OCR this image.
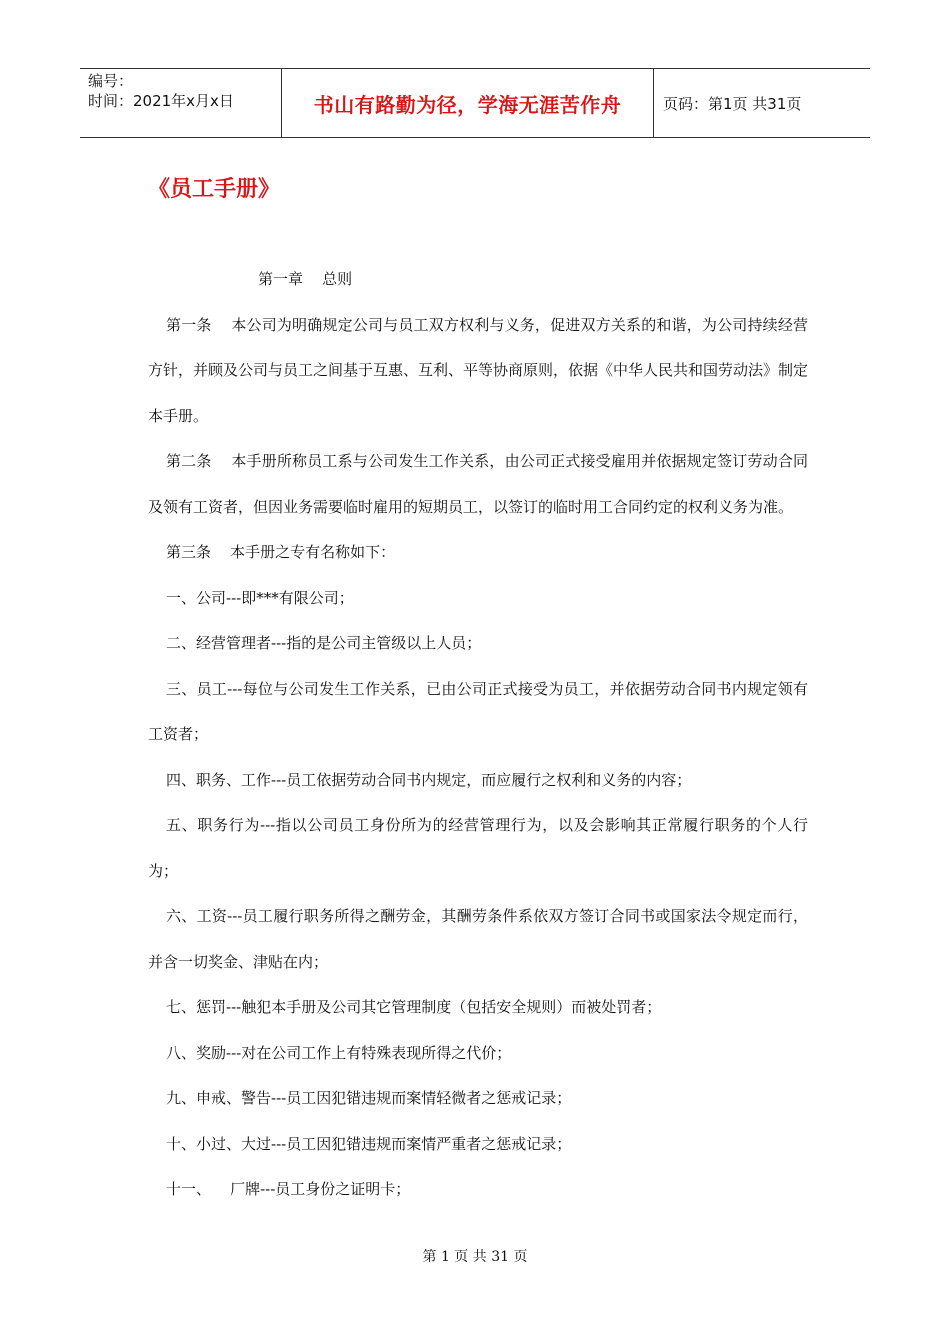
编号：
时间：2021年x月x日	书山有路勤为径，学海无涯苦作舟	页码：第1页 共31页
《员工手册》

第一章    总则

第一条    本公司为明确规定公司与员工双方权利与义务，促进双方关系的和谐，为公司持续经营方针，并顾及公司与员工之间基于互惠、互利、平等协商原则，依据《中华人民共和国劳动法》制定本手册。

第二条    本手册所称员工系与公司发生工作关系，由公司正式接受雇用并依据规定签订劳动合同及领有工资者，但因业务需要临时雇用的短期员工，以签订的临时用工合同约定的权利义务为准。

第三条    本手册之专有名称如下：

一、公司---即***有限公司；

二、经营管理者---指的是公司主管级以上人员；

三、员工---每位与公司发生工作关系，已由公司正式接受为员工，并依据劳动合同书内规定领有工资者；

四、职务、工作---员工依据劳动合同书内规定，而应履行之权利和义务的内容；

五、职务行为---指以公司员工身份所为的经营管理行为，以及会影响其正常履行职务的个人行为；

六、工资---员工履行职务所得之酬劳金，其酬劳条件系依双方签订合同书或国家法令规定而行，并含一切奖金、津贴在内；

七、惩罚---触犯本手册及公司其它管理制度（包括安全规则）而被处罚者；

八、奖励---对在公司工作上有特殊表现所得之代价；

九、申戒、警告---员工因犯错违规而案情轻微者之惩戒记录；

十、小过、大过---员工因犯错违规而案情严重者之惩戒记录；

十一、    厂牌---员工身份之证明卡；

第 1 页 共 31 页
